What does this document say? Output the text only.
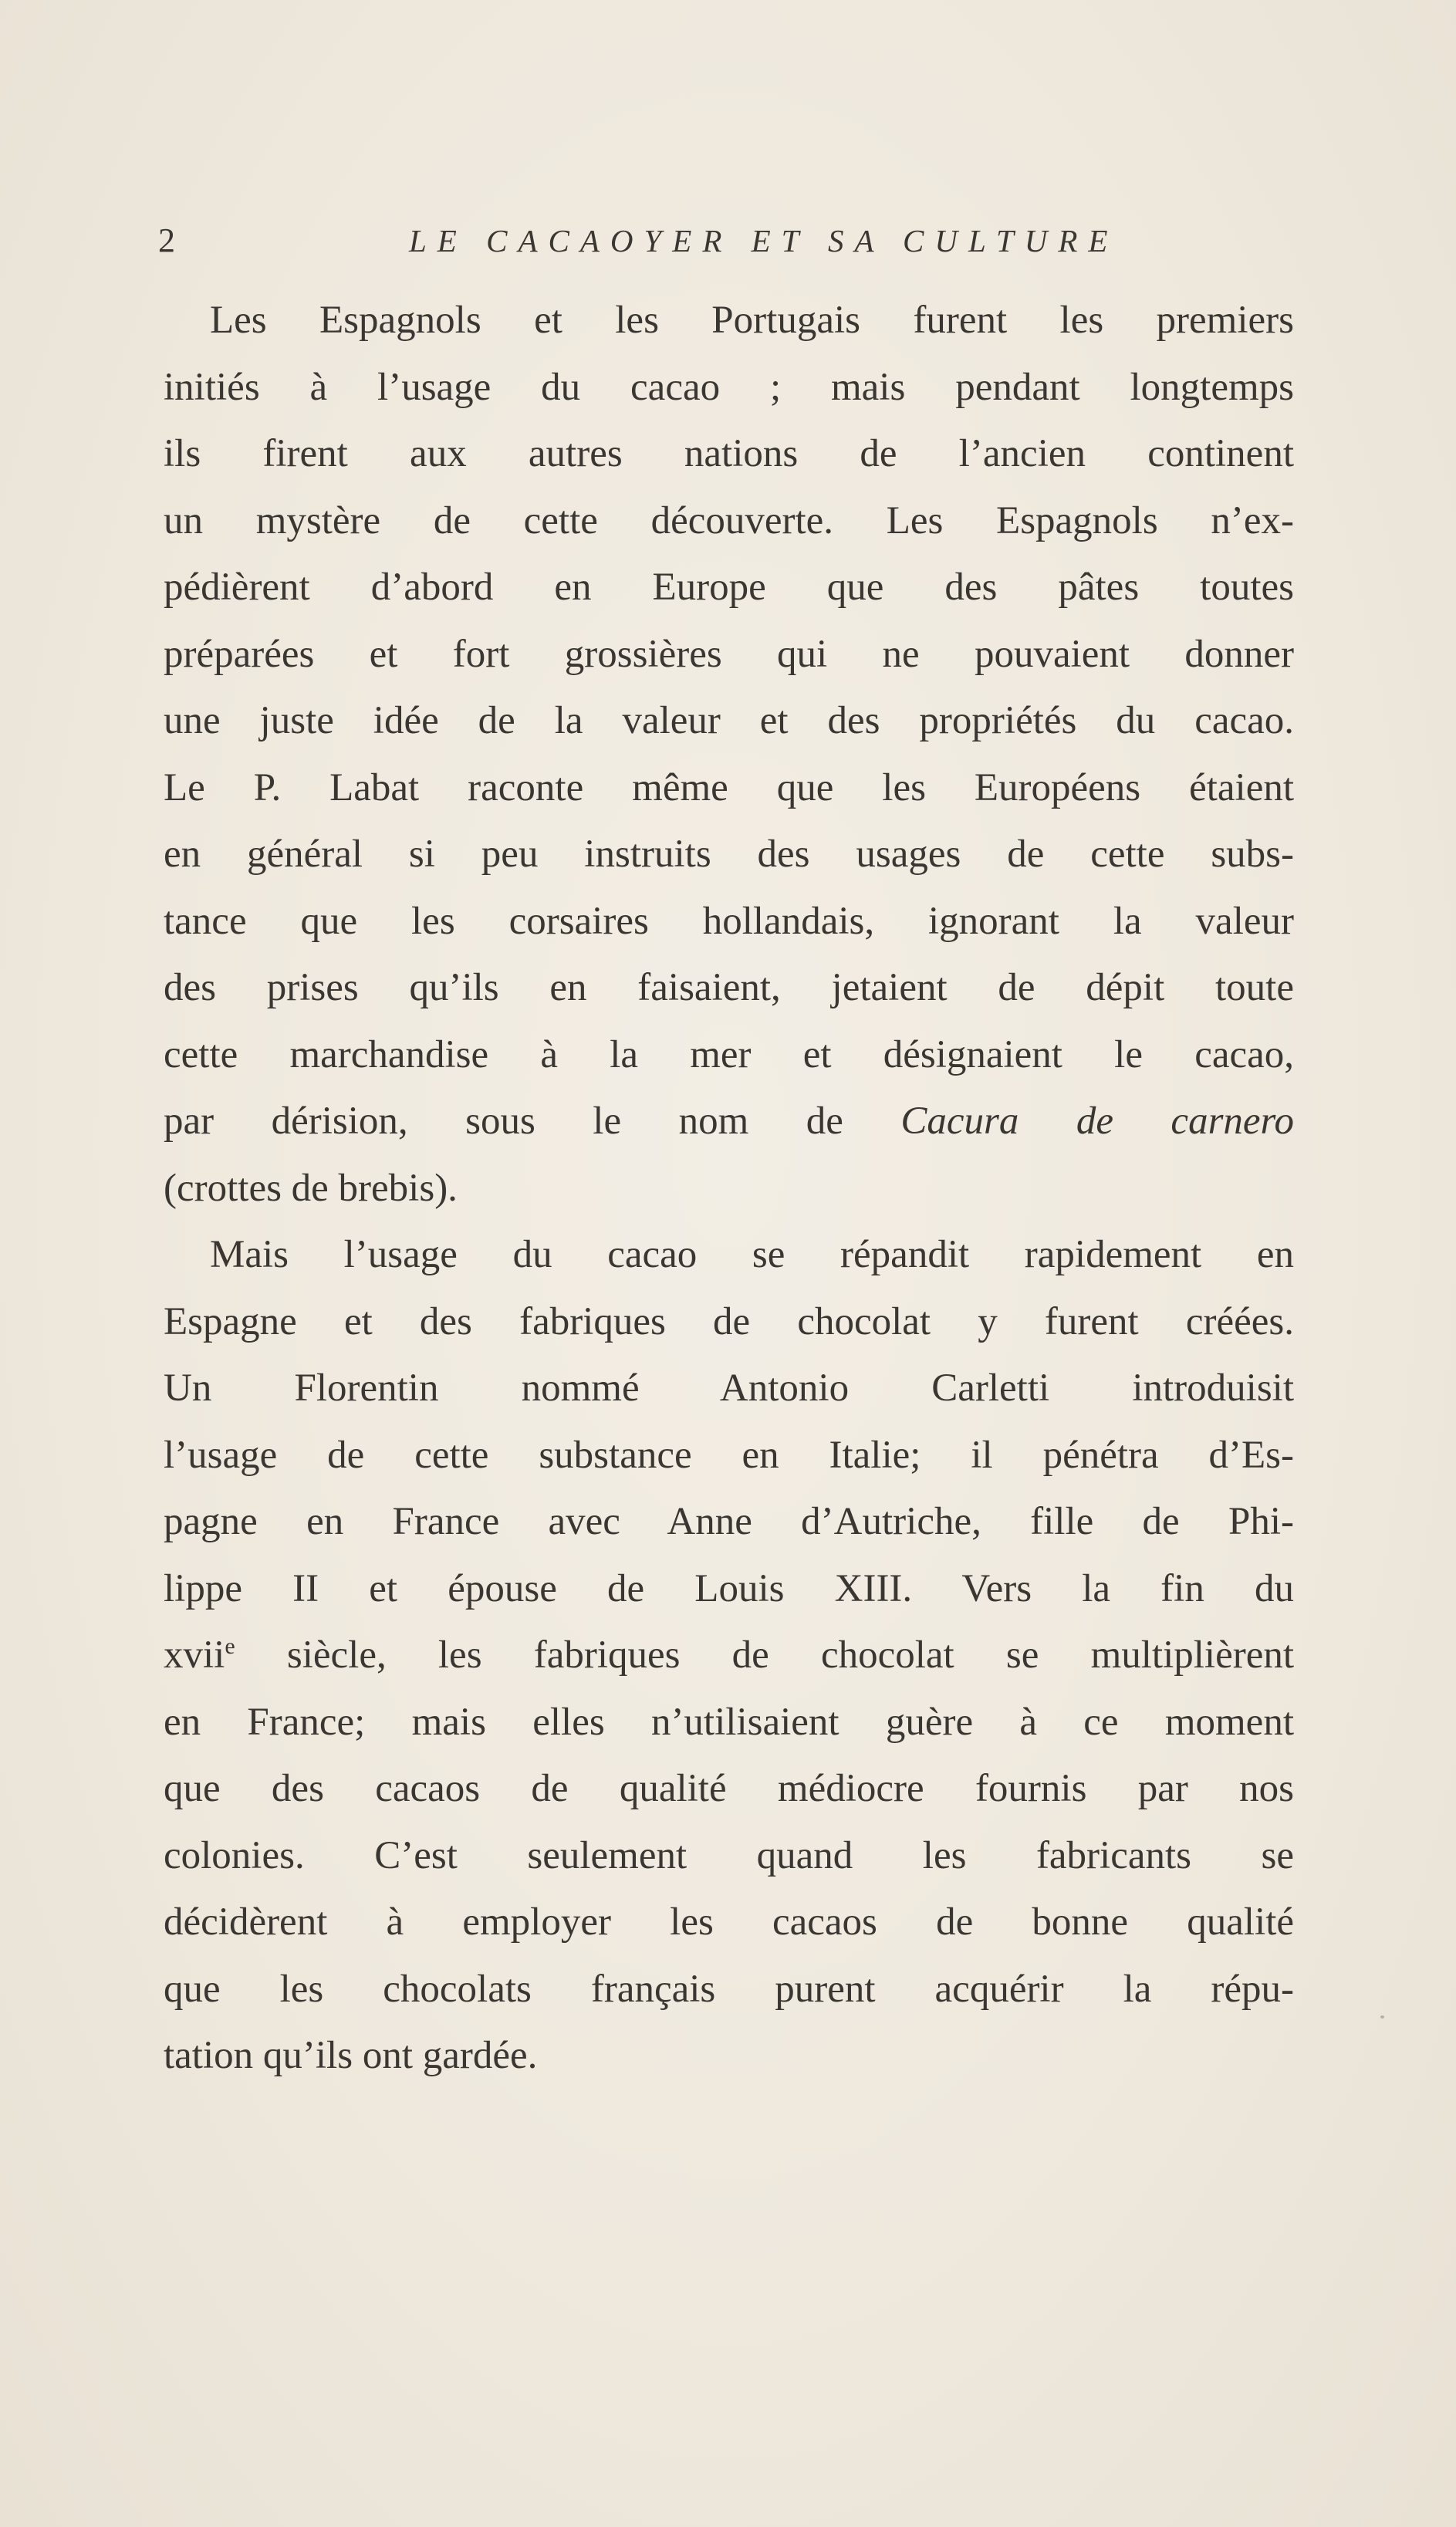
2	LE CACAOYER ET SA CULTURE
Les Espagnols et les Portugais furent les premiers
initiés à l’usage du cacao ; mais pendant longtemps
ils firent aux autres nations de l’ancien continent
un mystère de cette découverte. Les Espagnols n’ex-
pédièrent d’abord en Europe que des pâtes toutes
préparées et fort grossières qui ne pouvaient donner
une juste idée de la valeur et des propriétés du cacao.
Le P. Labat raconte même que les Européens étaient
en général si peu instruits des usages de cette subs-
tance que les corsaires hollandais, ignorant la valeur
des prises qu’ils en faisaient, jetaient de dépit toute
cette marchandise à la mer et désignaient le cacao,
par dérision, sous le nom de Cacura de carnero
(crottes de brebis).
Mais l’usage du cacao se répandit rapidement en
Espagne et des fabriques de chocolat y furent créées.
Un Florentin nommé Antonio Carletti introduisit
l’usage de cette substance en Italie; il pénétra d’Es-
pagne en France avec Anne d’Autriche, fille de Phi-
lippe II et épouse de Louis XIII. Vers la fin du
xvii$^e$ siècle, les fabriques de chocolat se multiplièrent
en France; mais elles n’utilisaient guère à ce moment
que des cacaos de qualité médiocre fournis par nos
colonies. C’est seulement quand les fabricants se
décidèrent à employer les cacaos de bonne qualité
que les chocolats français purent acquérir la répu-
tation qu’ils ont gardée.
